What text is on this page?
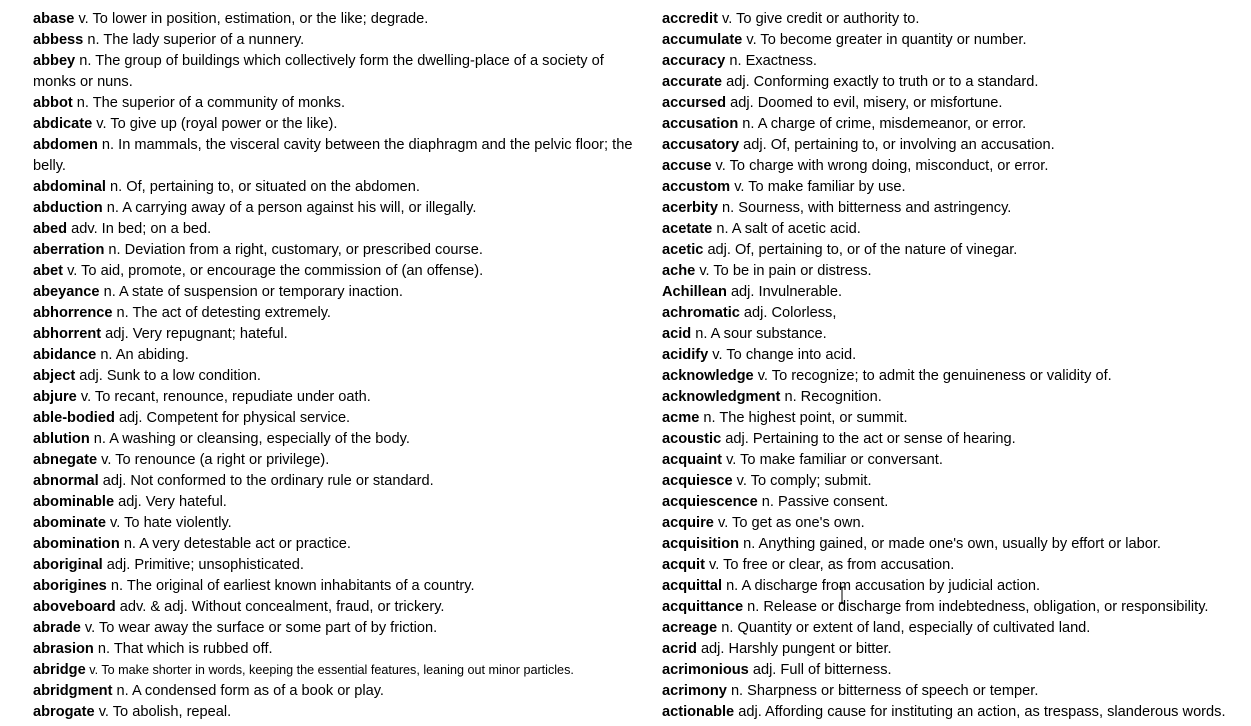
abase v. To lower in position, estimation, or the like; degrade.

abbess n. The lady superior of a nunnery.

abbey n. The group of buildings which collectively form the dwelling-place of a society of monks or nuns.

abbot n. The superior of a community of monks.

abdicate v. To give up (royal power or the like).

abdomen n. In mammals, the visceral cavity between the diaphragm and the pelvic floor; the belly.

abdominal n. Of, pertaining to, or situated on the abdomen.

abduction n. A carrying away of a person against his will, or illegally.

abed adv. In bed; on a bed.

aberration n. Deviation from a right, customary, or prescribed course.

abet v. To aid, promote, or encourage the commission of (an offense).

abeyance n. A state of suspension or temporary inaction.

abhorrence n. The act of detesting extremely.

abhorrent adj. Very repugnant; hateful.

abidance n. An abiding.

abject adj. Sunk to a low condition.

abjure v. To recant, renounce, repudiate under oath.

able-bodied adj. Competent for physical service.

ablution n. A washing or cleansing, especially of the body.

abnegate v. To renounce (a right or privilege).

abnormal adj. Not conformed to the ordinary rule or standard.

abominable adj. Very hateful.

abominate v. To hate violently.

abomination n. A very detestable act or practice.

aboriginal adj. Primitive; unsophisticated.

aborigines n. The original of earliest known inhabitants of a country.

aboveboard adv. & adj. Without concealment, fraud, or trickery.

abrade v. To wear away the surface or some part of by friction.

abrasion n. That which is rubbed off.

abridge v. To make shorter in words, keeping the essential features, leaning out minor particles.

abridgment n. A condensed form as of a book or play.

abrogate v. To abolish, repeal.

accredit v. To give credit or authority to.

accumulate v. To become greater in quantity or number.

accuracy n. Exactness.

accurate adj. Conforming exactly to truth or to a standard.

accursed adj. Doomed to evil, misery, or misfortune.

accusation n. A charge of crime, misdemeanor, or error.

accusatory adj. Of, pertaining to, or involving an accusation.

accuse v. To charge with wrong doing, misconduct, or error.

accustom v. To make familiar by use.

acerbity n. Sourness, with bitterness and astringency.

acetate n. A salt of acetic acid.

acetic adj. Of, pertaining to, or of the nature of vinegar.

ache v. To be in pain or distress.

Achillean adj. Invulnerable.

achromatic adj. Colorless,

acid n. A sour substance.

acidify v. To change into acid.

acknowledge v. To recognize; to admit the genuineness or validity of.

acknowledgment n. Recognition.

acme n. The highest point, or summit.

acoustic adj. Pertaining to the act or sense of hearing.

acquaint v. To make familiar or conversant.

acquiesce v. To comply; submit.

acquiescence n. Passive consent.

acquire v. To get as one's own.

acquisition n. Anything gained, or made one's own, usually by effort or labor.

acquit v. To free or clear, as from accusation.

acquittal n. A discharge from accusation by judicial action.

acquittance n. Release or discharge from indebtedness, obligation, or responsibility.

acreage n. Quantity or extent of land, especially of cultivated land.

acrid adj. Harshly pungent or bitter.

acrimonious adj. Full of bitterness.

acrimony n. Sharpness or bitterness of speech or temper.

actionable adj. Affording cause for instituting an action, as trespass, slanderous words.
